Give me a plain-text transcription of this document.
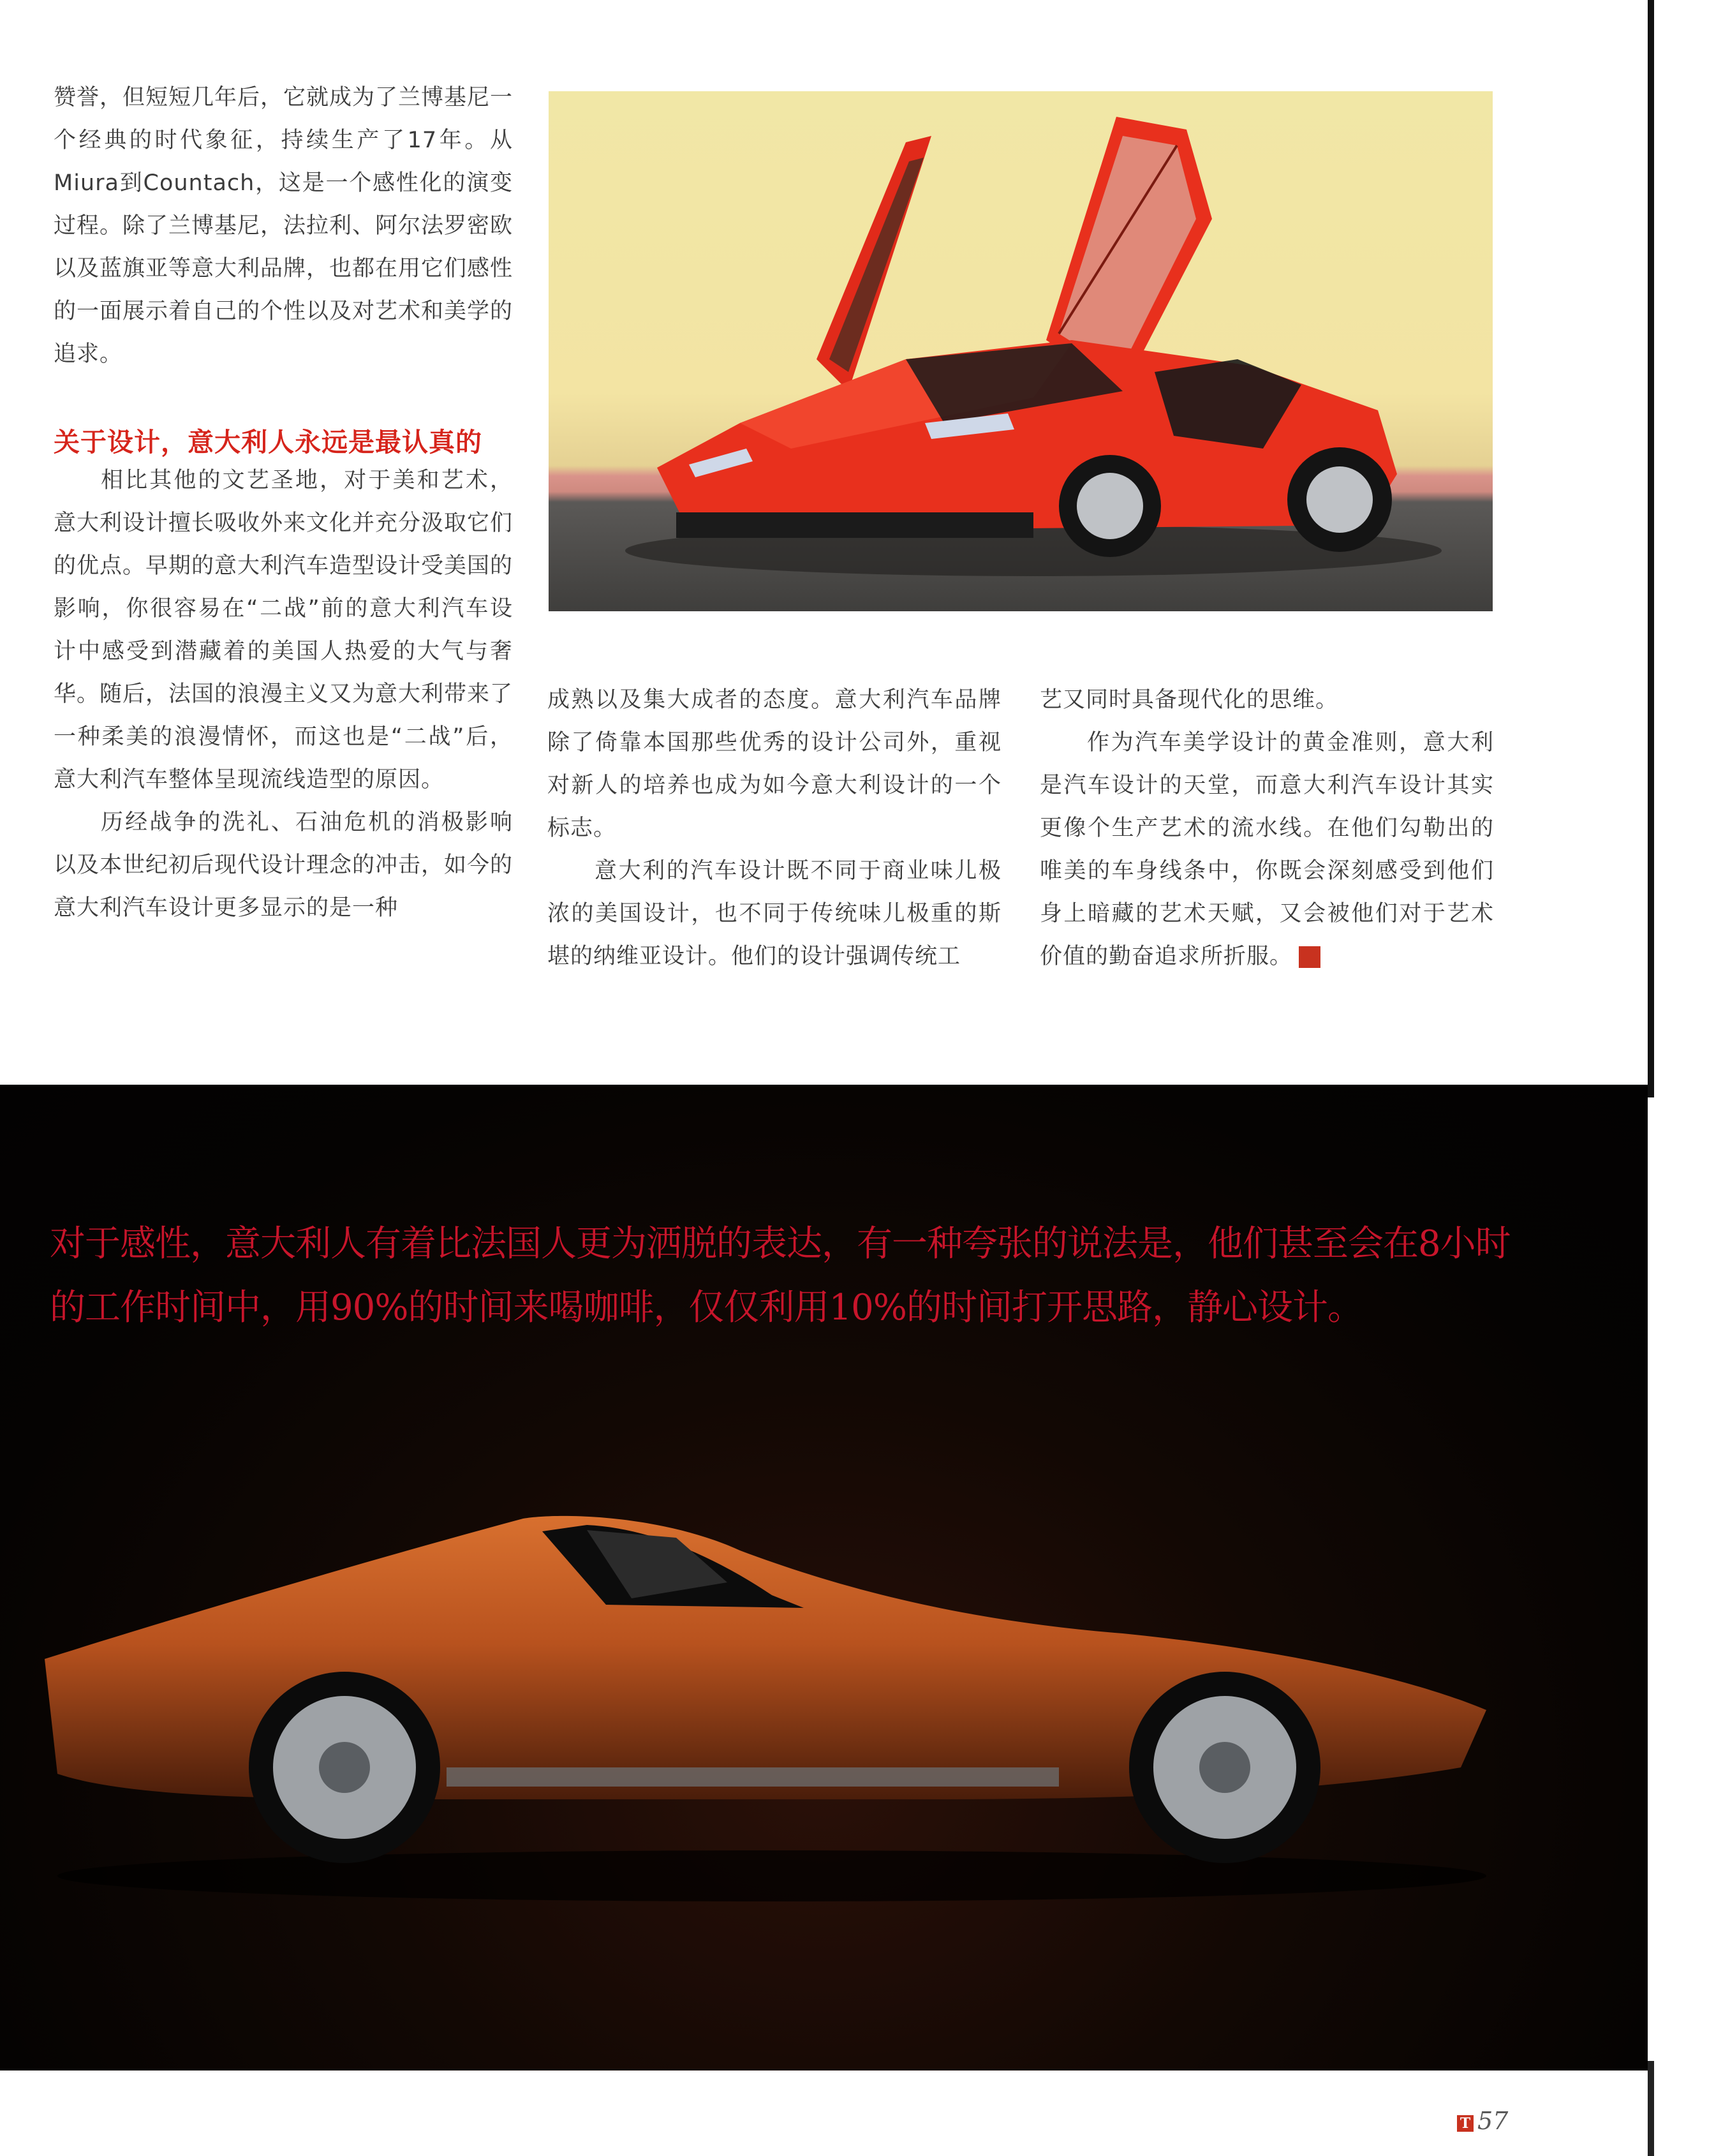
赞誉，但短短几年后，它就成为了兰博基尼一个经典的时代象征，持续生产了17年。从Miura到Countach，这是一个感性化的演变过程。除了兰博基尼，法拉利、阿尔法罗密欧以及蓝旗亚等意大利品牌，也都在用它们感性的一面展示着自己的个性以及对艺术和美学的追求。

关于设计，意大利人永远是最认真的

相比其他的文艺圣地，对于美和艺术，意大利设计擅长吸收外来文化并充分汲取它们的优点。早期的意大利汽车造型设计受美国的影响，你很容易在“二战”前的意大利汽车设计中感受到潜藏着的美国人热爱的大气与奢华。随后，法国的浪漫主义又为意大利带来了一种柔美的浪漫情怀，而这也是“二战”后，意大利汽车整体呈现流线造型的原因。

历经战争的洗礼、石油危机的消极影响以及本世纪初后现代设计理念的冲击，如今的意大利汽车设计更多显示的是一种

成熟以及集大成者的态度。意大利汽车品牌除了倚靠本国那些优秀的设计公司外，重视对新人的培养也成为如今意大利设计的一个标志。

意大利的汽车设计既不同于商业味儿极浓的美国设计，也不同于传统味儿极重的斯堪的纳维亚设计。他们的设计强调传统工

艺又同时具备现代化的思维。

作为汽车美学设计的黄金准则，意大利是汽车设计的天堂，而意大利汽车设计其实更像个生产艺术的流水线。在他们勾勒出的唯美的车身线条中，你既会深刻感受到他们身上暗藏的艺术天赋，又会被他们对于艺术价值的勤奋追求所折服。	T

对于感性，意大利人有着比法国人更为洒脱的表达，有一种夸张的说法是，他们甚至会在8小时的工作时间中，用90%的时间来喝咖啡，仅仅利用10%的时间打开思路，静心设计。
T 57
